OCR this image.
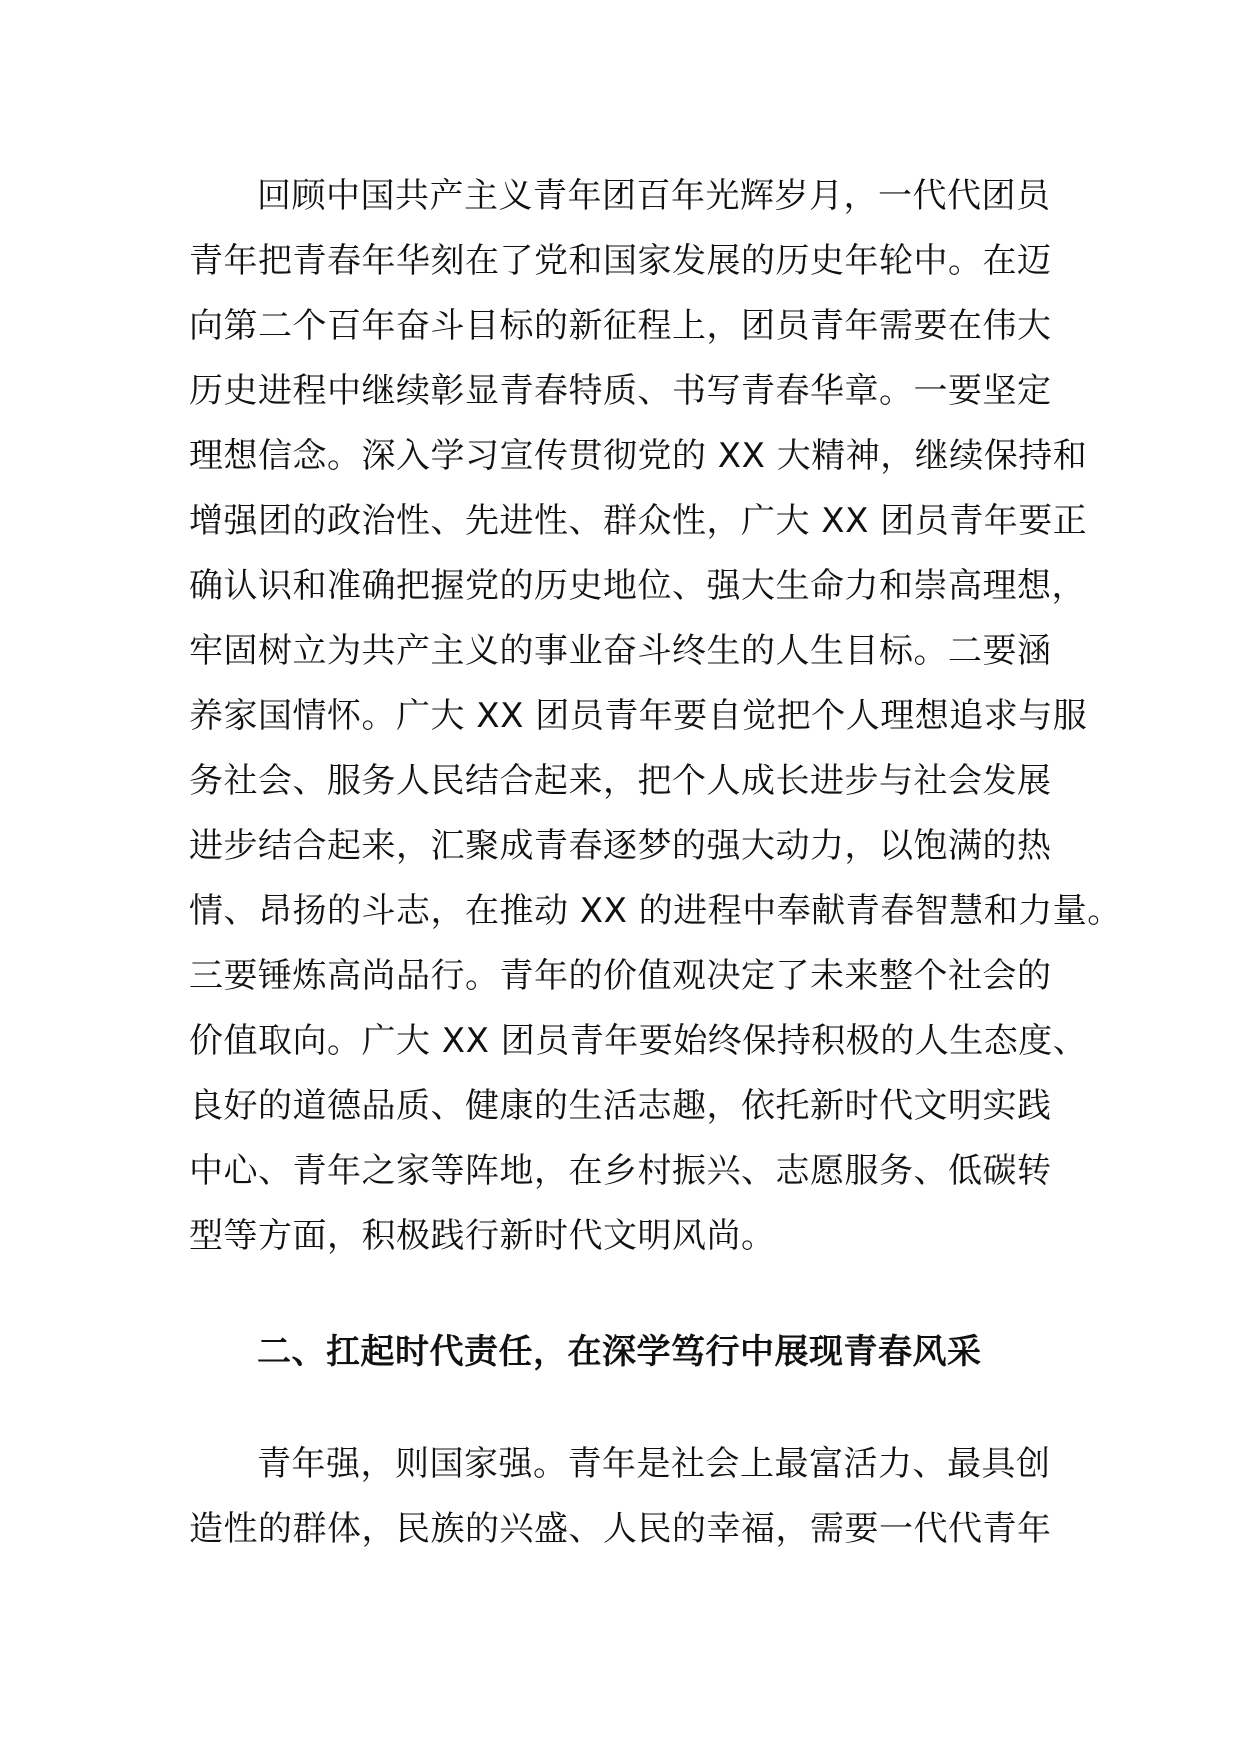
回顾中国共产主义青年团百年光辉岁月，一代代团员
青年把青春年华刻在了党和国家发展的历史年轮中。在迈
向第二个百年奋斗目标的新征程上，团员青年需要在伟大
历史进程中继续彰显青春特质、书写青春华章。一要坚定
理想信念。深入学习宣传贯彻党的 XX 大精神，继续保持和
增强团的政治性、先进性、群众性，广大 XX 团员青年要正
确认识和准确把握党的历史地位、强大生命力和崇高理想，
牢固树立为共产主义的事业奋斗终生的人生目标。二要涵
养家国情怀。广大 XX 团员青年要自觉把个人理想追求与服
务社会、服务人民结合起来，把个人成长进步与社会发展
进步结合起来，汇聚成青春逐梦的强大动力，以饱满的热
情、昂扬的斗志，在推动 XX 的进程中奉献青春智慧和力量。
三要锤炼高尚品行。青年的价值观决定了未来整个社会的
价值取向。广大 XX 团员青年要始终保持积极的人生态度、
良好的道德品质、健康的生活志趣，依托新时代文明实践
中心、青年之家等阵地，在乡村振兴、志愿服务、低碳转
型等方面，积极践行新时代文明风尚。
二、扛起时代责任，在深学笃行中展现青春风采
青年强，则国家强。青年是社会上最富活力、最具创
造性的群体，民族的兴盛、人民的幸福，需要一代代青年
